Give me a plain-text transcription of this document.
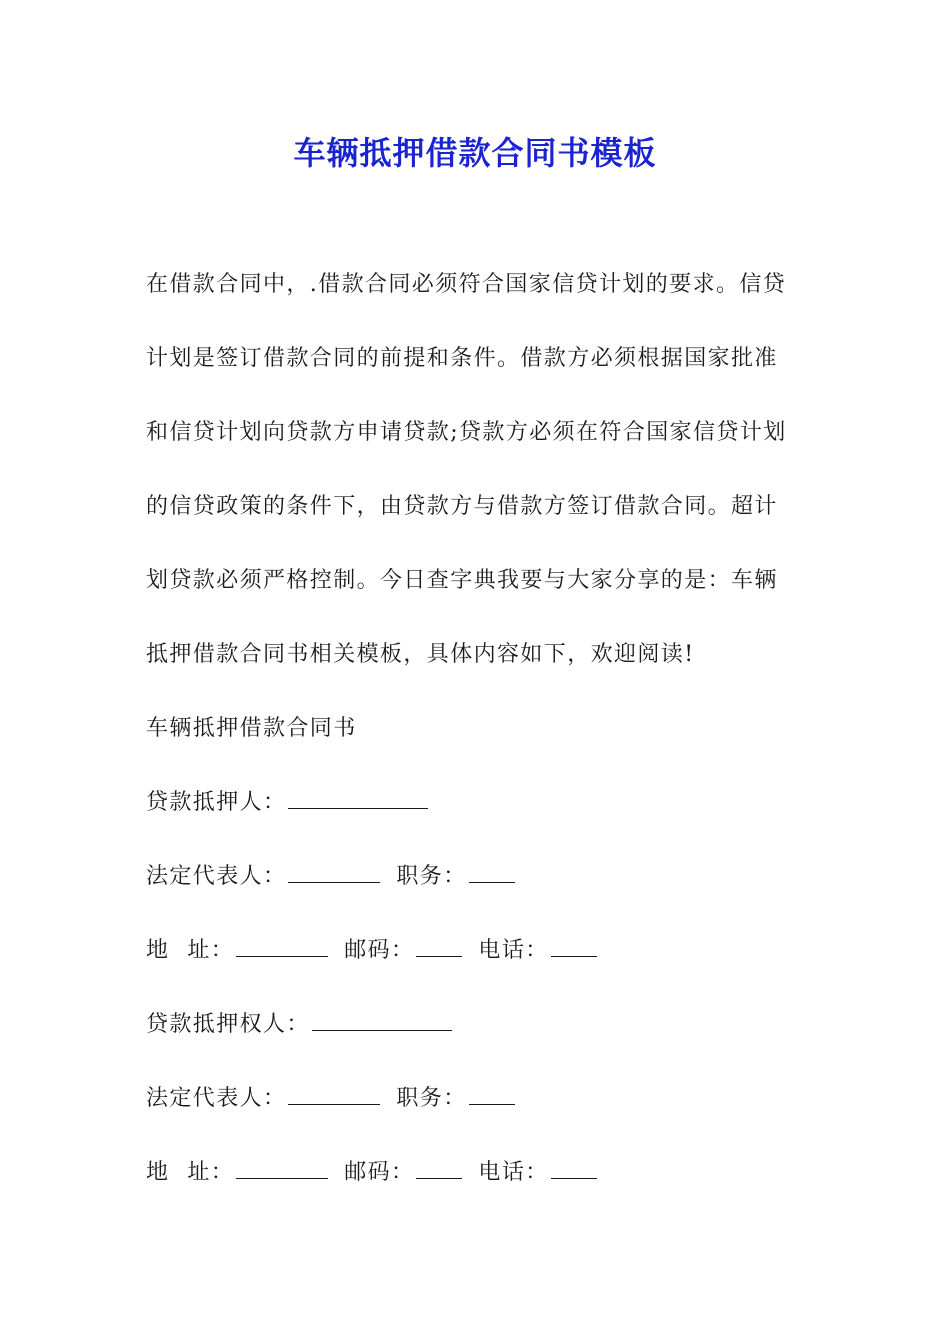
车辆抵押借款合同书模板
在借款合同中，.借款合同必须符合国家信贷计划的要求。信贷
计划是签订借款合同的前提和条件。借款方必须根据国家批准
和信贷计划向贷款方申请贷款;贷款方必须在符合国家信贷计划
的信贷政策的条件下，由贷款方与借款方签订借款合同。超计
划贷款必须严格控制。今日查字典我要与大家分享的是：车辆
抵押借款合同书相关模板，具体内容如下，欢迎阅读!
车辆抵押借款合同书
贷款抵押人：
法定代表人：	职务：
地 址：	邮码：	电话：
贷款抵押权人：
法定代表人：	职务：
地 址：	邮码：	电话：
